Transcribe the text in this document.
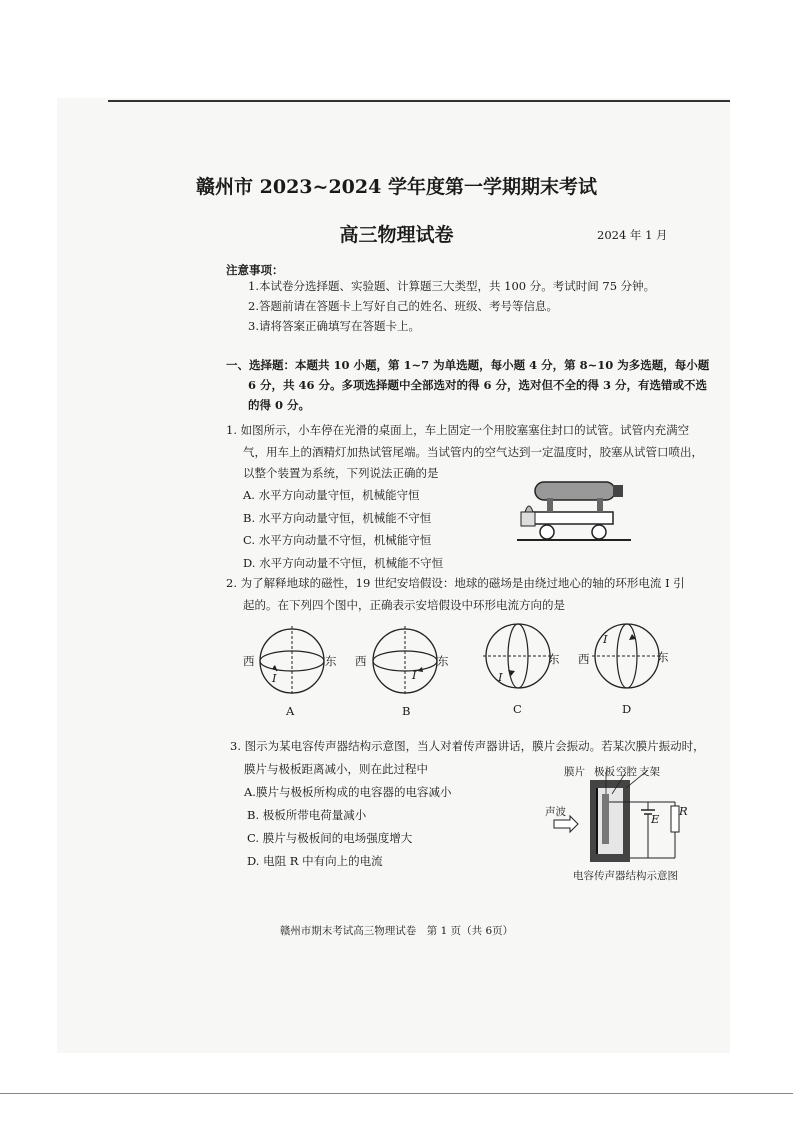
赣州市 2023~2024 学年度第一学期期末考试
高三物理试卷	2024 年 1 月
注意事项：
1.本试卷分选择题、实验题、计算题三大类型，共 100 分。考试时间 75 分钟。
2.答题前请在答题卡上写好自己的姓名、班级、考号等信息。
3.请将答案正确填写在答题卡上。
一、选择题：本题共 10 小题，第 1~7 为单选题，每小题 4 分，第 8~10 为多选题，每小题
6 分，共 46 分。多项选择题中全部选对的得 6 分，选对但不全的得 3 分，有选错或不选
的得 0 分。
1. 如图所示，小车停在光滑的桌面上，车上固定一个用胶塞塞住封口的试管。试管内充满空
气，用车上的酒精灯加热试管尾端。当试管内的空气达到一定温度时，胶塞从试管口喷出，
以整个装置为系统，下列说法正确的是
A. 水平方向动量守恒，机械能守恒
B. 水平方向动量守恒，机械能不守恒
C. 水平方向动量不守恒，机械能守恒
D. 水平方向动量不守恒，机械能不守恒
2. 为了解释地球的磁性，19 世纪安培假设：地球的磁场是由绕过地心的轴的环形电流 I 引
起的。在下列四个图中，正确表示安培假设中环形电流方向的是
西	东 西	东	东 西	东
I	I	I
I
A	B	C	D
3. 图示为某电容传声器结构示意图，当人对着传声器讲话，膜片会振动。若某次膜片振动时，
膜片与极板距离减小，则在此过程中
A.膜片与极板所构成的电容器的电容减小
B. 极板所带电荷量减小
C. 膜片与极板间的电场强度增大
D. 电阻 R 中有向上的电流
膜片 极板 空腔 支架
声波	E
R
电容传声器结构示意图
赣州市期末考试高三物理试卷　第 1 页（共 6页）
